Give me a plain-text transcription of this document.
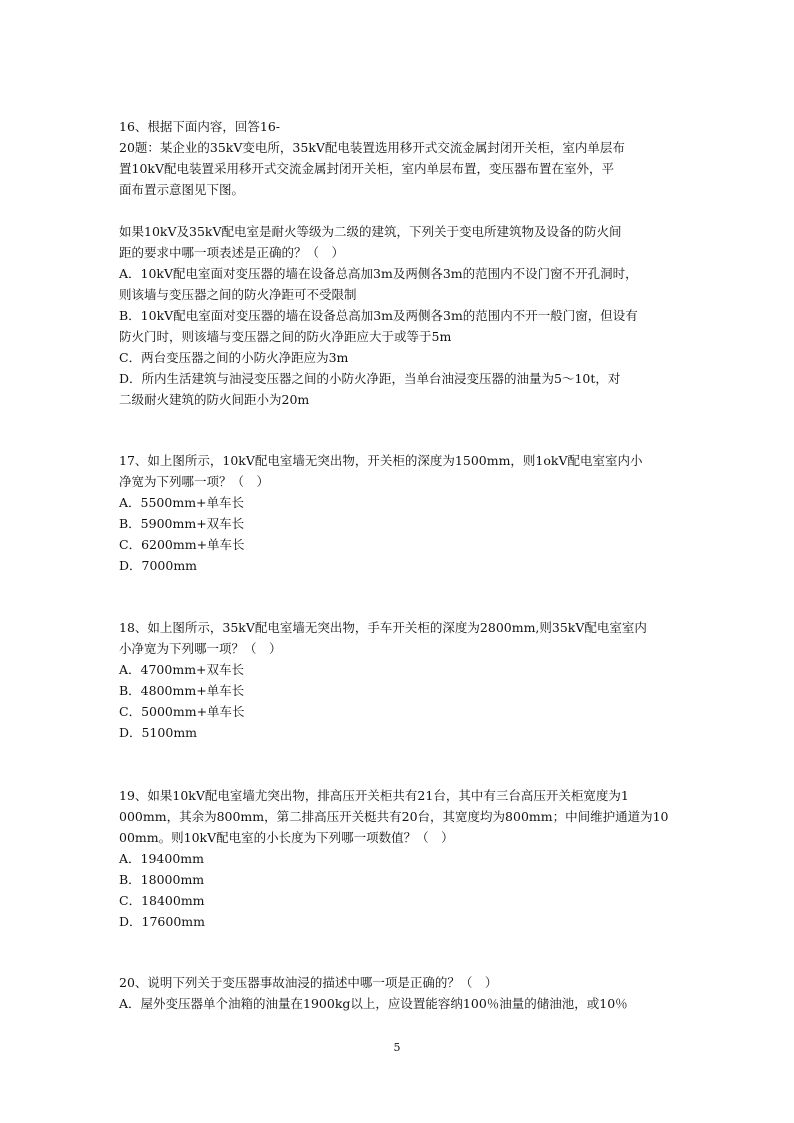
16、根据下面内容，回答16-
20题：某企业的35kV变电所，35kV配电装置选用移开式交流金属封闭开关柜，室内单层布
置10kV配电装置采用移开式交流金属封闭开关柜，室内单层布置，变压器布置在室外，平
面布置示意图见下图。
如果10kV及35kV配电室是耐火等级为二级的建筑，下列关于变电所建筑物及设备的防火间
距的要求中哪一项表述是正确的？（　）
A．10kV配电室面对变压器的墙在设备总高加3m及两侧各3m的范围内不设门窗不开孔洞时，
则该墙与变压器之间的防火净距可不受限制
B．10kV配电室面对变压器的墙在设备总高加3m及两侧各3m的范围内不开一般门窗，但设有
防火门时，则该墙与变压器之间的防火净距应大于或等于5m
C．两台变压器之间的小防火净距应为3m
D．所内生活建筑与油浸变压器之间的小防火净距，当单台油浸变压器的油量为5～10t，对
二级耐火建筑的防火间距小为20m
17、如上图所示，10kV配电室墙无突出物，开关柜的深度为1500mm，则1okV配电室室内小
净宽为下列哪一项？（　）
A．5500mm+单车长
B．5900mm+双车长
C．6200mm+单车长
D．7000mm
18、如上图所示，35kV配电室墙无突出物，手车开关柜的深度为2800mm,则35kV配电室室内
小净宽为下列哪一项？（　）
A．4700mm+双车长
B．4800mm+单车长
C．5000mm+单车长
D．5100mm
19、如果10kV配电室墙尤突出物，排高压开关柜共有21台，其中有三台高压开关柜宽度为1
000mm，其余为800mm，第二排高压开关梃共有20台，其宽度均为800mm；中间维护通道为10
00mm。则10kV配电室的小长度为下列哪一项数值？（　）
A．19400mm
B．18000mm
C．18400mm
D．17600mm
20、说明下列关于变压器事故油浸的描述中哪一项是正确的？（　）
A．屋外变压器单个油箱的油量在1900kg以上，应设置能容纳100％油量的储油池，或10％
5
